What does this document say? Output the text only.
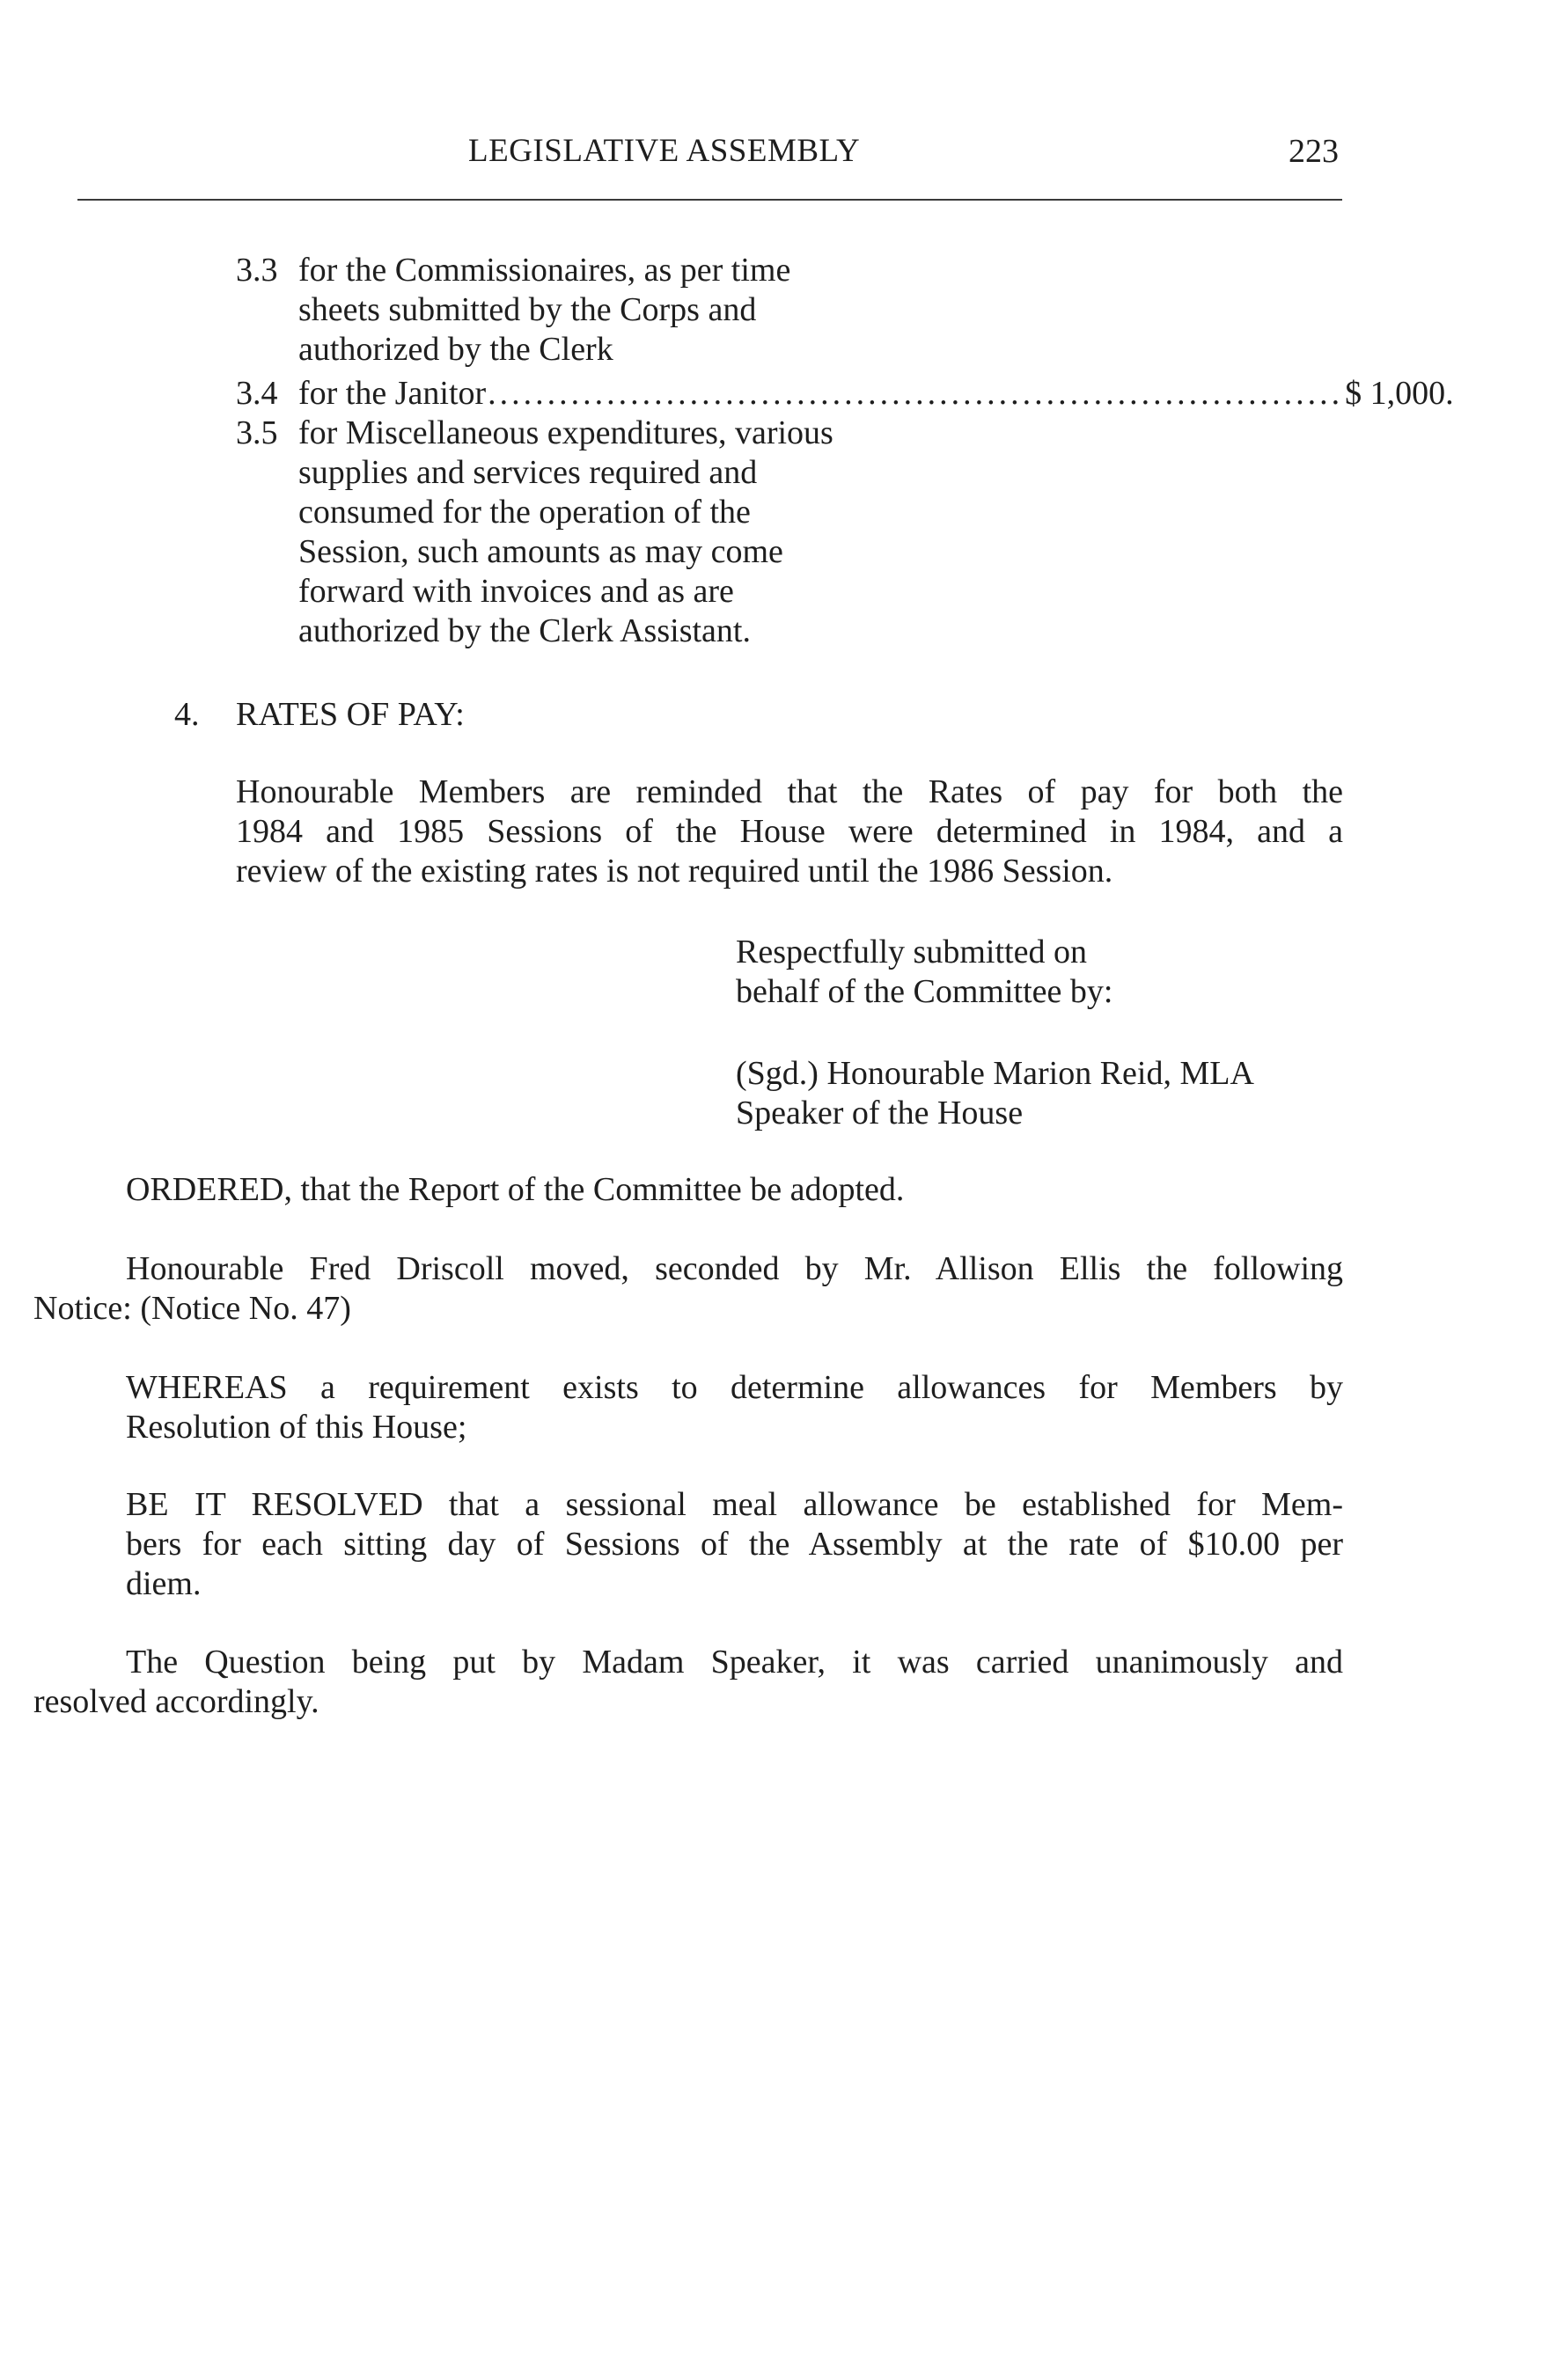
LEGISLATIVE ASSEMBLY	223
3.3 for the Commissionaires, as per time
sheets submitted by the Corps and
authorized by the Clerk
3.4 for the Janitor ........................................................................ $ 1,000.
3.5 for Miscellaneous expenditures, various
supplies and services required and
consumed for the operation of the
Session, such amounts as may come
forward with invoices and as are
authorized by the Clerk Assistant.
4. RATES OF PAY:
Honourable Members are reminded that the Rates of pay for both the
1984 and 1985 Sessions of the House were determined in 1984, and a
review of the existing rates is not required until the 1986 Session.
Respectfully submitted on
behalf of the Committee by:
(Sgd.) Honourable Marion Reid, MLA
Speaker of the House
ORDERED, that the Report of the Committee be adopted.
Honourable Fred Driscoll moved, seconded by Mr. Allison Ellis the following
Notice: (Notice No. 47)
WHEREAS a requirement exists to determine allowances for Members by
Resolution of this House;
BE IT RESOLVED that a sessional meal allowance be established for Mem-
bers for each sitting day of Sessions of the Assembly at the rate of $10.00 per
diem.
The Question being put by Madam Speaker, it was carried unanimously and
resolved accordingly.
